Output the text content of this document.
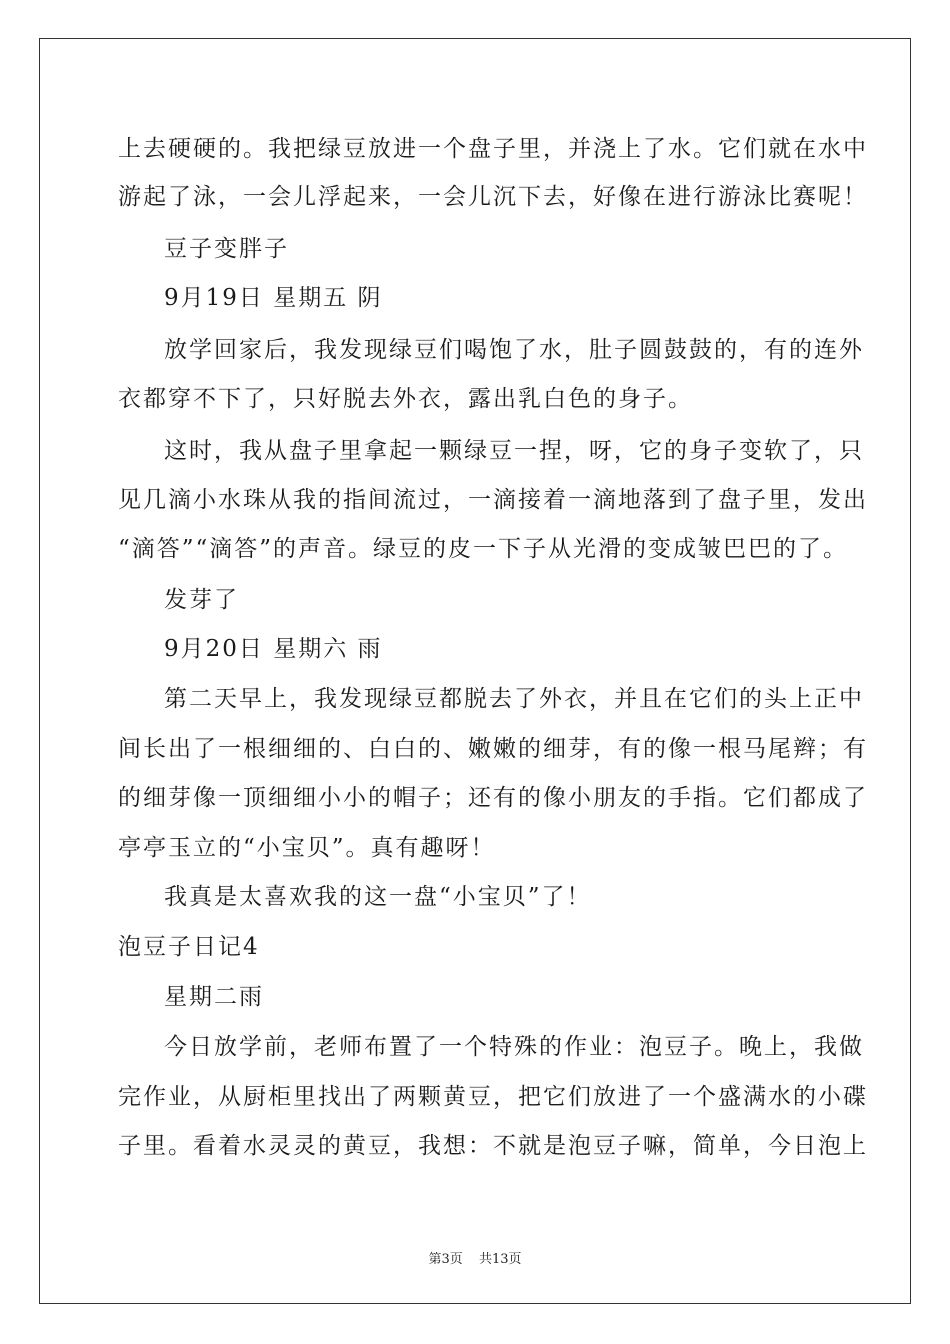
上去硬硬的。我把绿豆放进一个盘子里，并浇上了水。它们就在水中
游起了泳，一会儿浮起来，一会儿沉下去，好像在进行游泳比赛呢！
豆子变胖子
9月19日 星期五 阴
放学回家后，我发现绿豆们喝饱了水，肚子圆鼓鼓的，有的连外
衣都穿不下了，只好脱去外衣，露出乳白色的身子。
这时，我从盘子里拿起一颗绿豆一捏，呀，它的身子变软了，只
见几滴小水珠从我的指间流过，一滴接着一滴地落到了盘子里，发出
“滴答”“滴答”的声音。绿豆的皮一下子从光滑的变成皱巴巴的了。
发芽了
9月20日 星期六 雨
第二天早上，我发现绿豆都脱去了外衣，并且在它们的头上正中
间长出了一根细细的、白白的、嫩嫩的细芽，有的像一根马尾辫；有
的细芽像一顶细细小小的帽子；还有的像小朋友的手指。它们都成了
亭亭玉立的“小宝贝”。真有趣呀！
我真是太喜欢我的这一盘“小宝贝”了！
泡豆子日记4
星期二雨
今日放学前，老师布置了一个特殊的作业：泡豆子。晚上，我做
完作业，从厨柜里找出了两颗黄豆，把它们放进了一个盛满水的小碟
子里。看着水灵灵的黄豆，我想：不就是泡豆子嘛，简单，今日泡上
第3页 共13页
